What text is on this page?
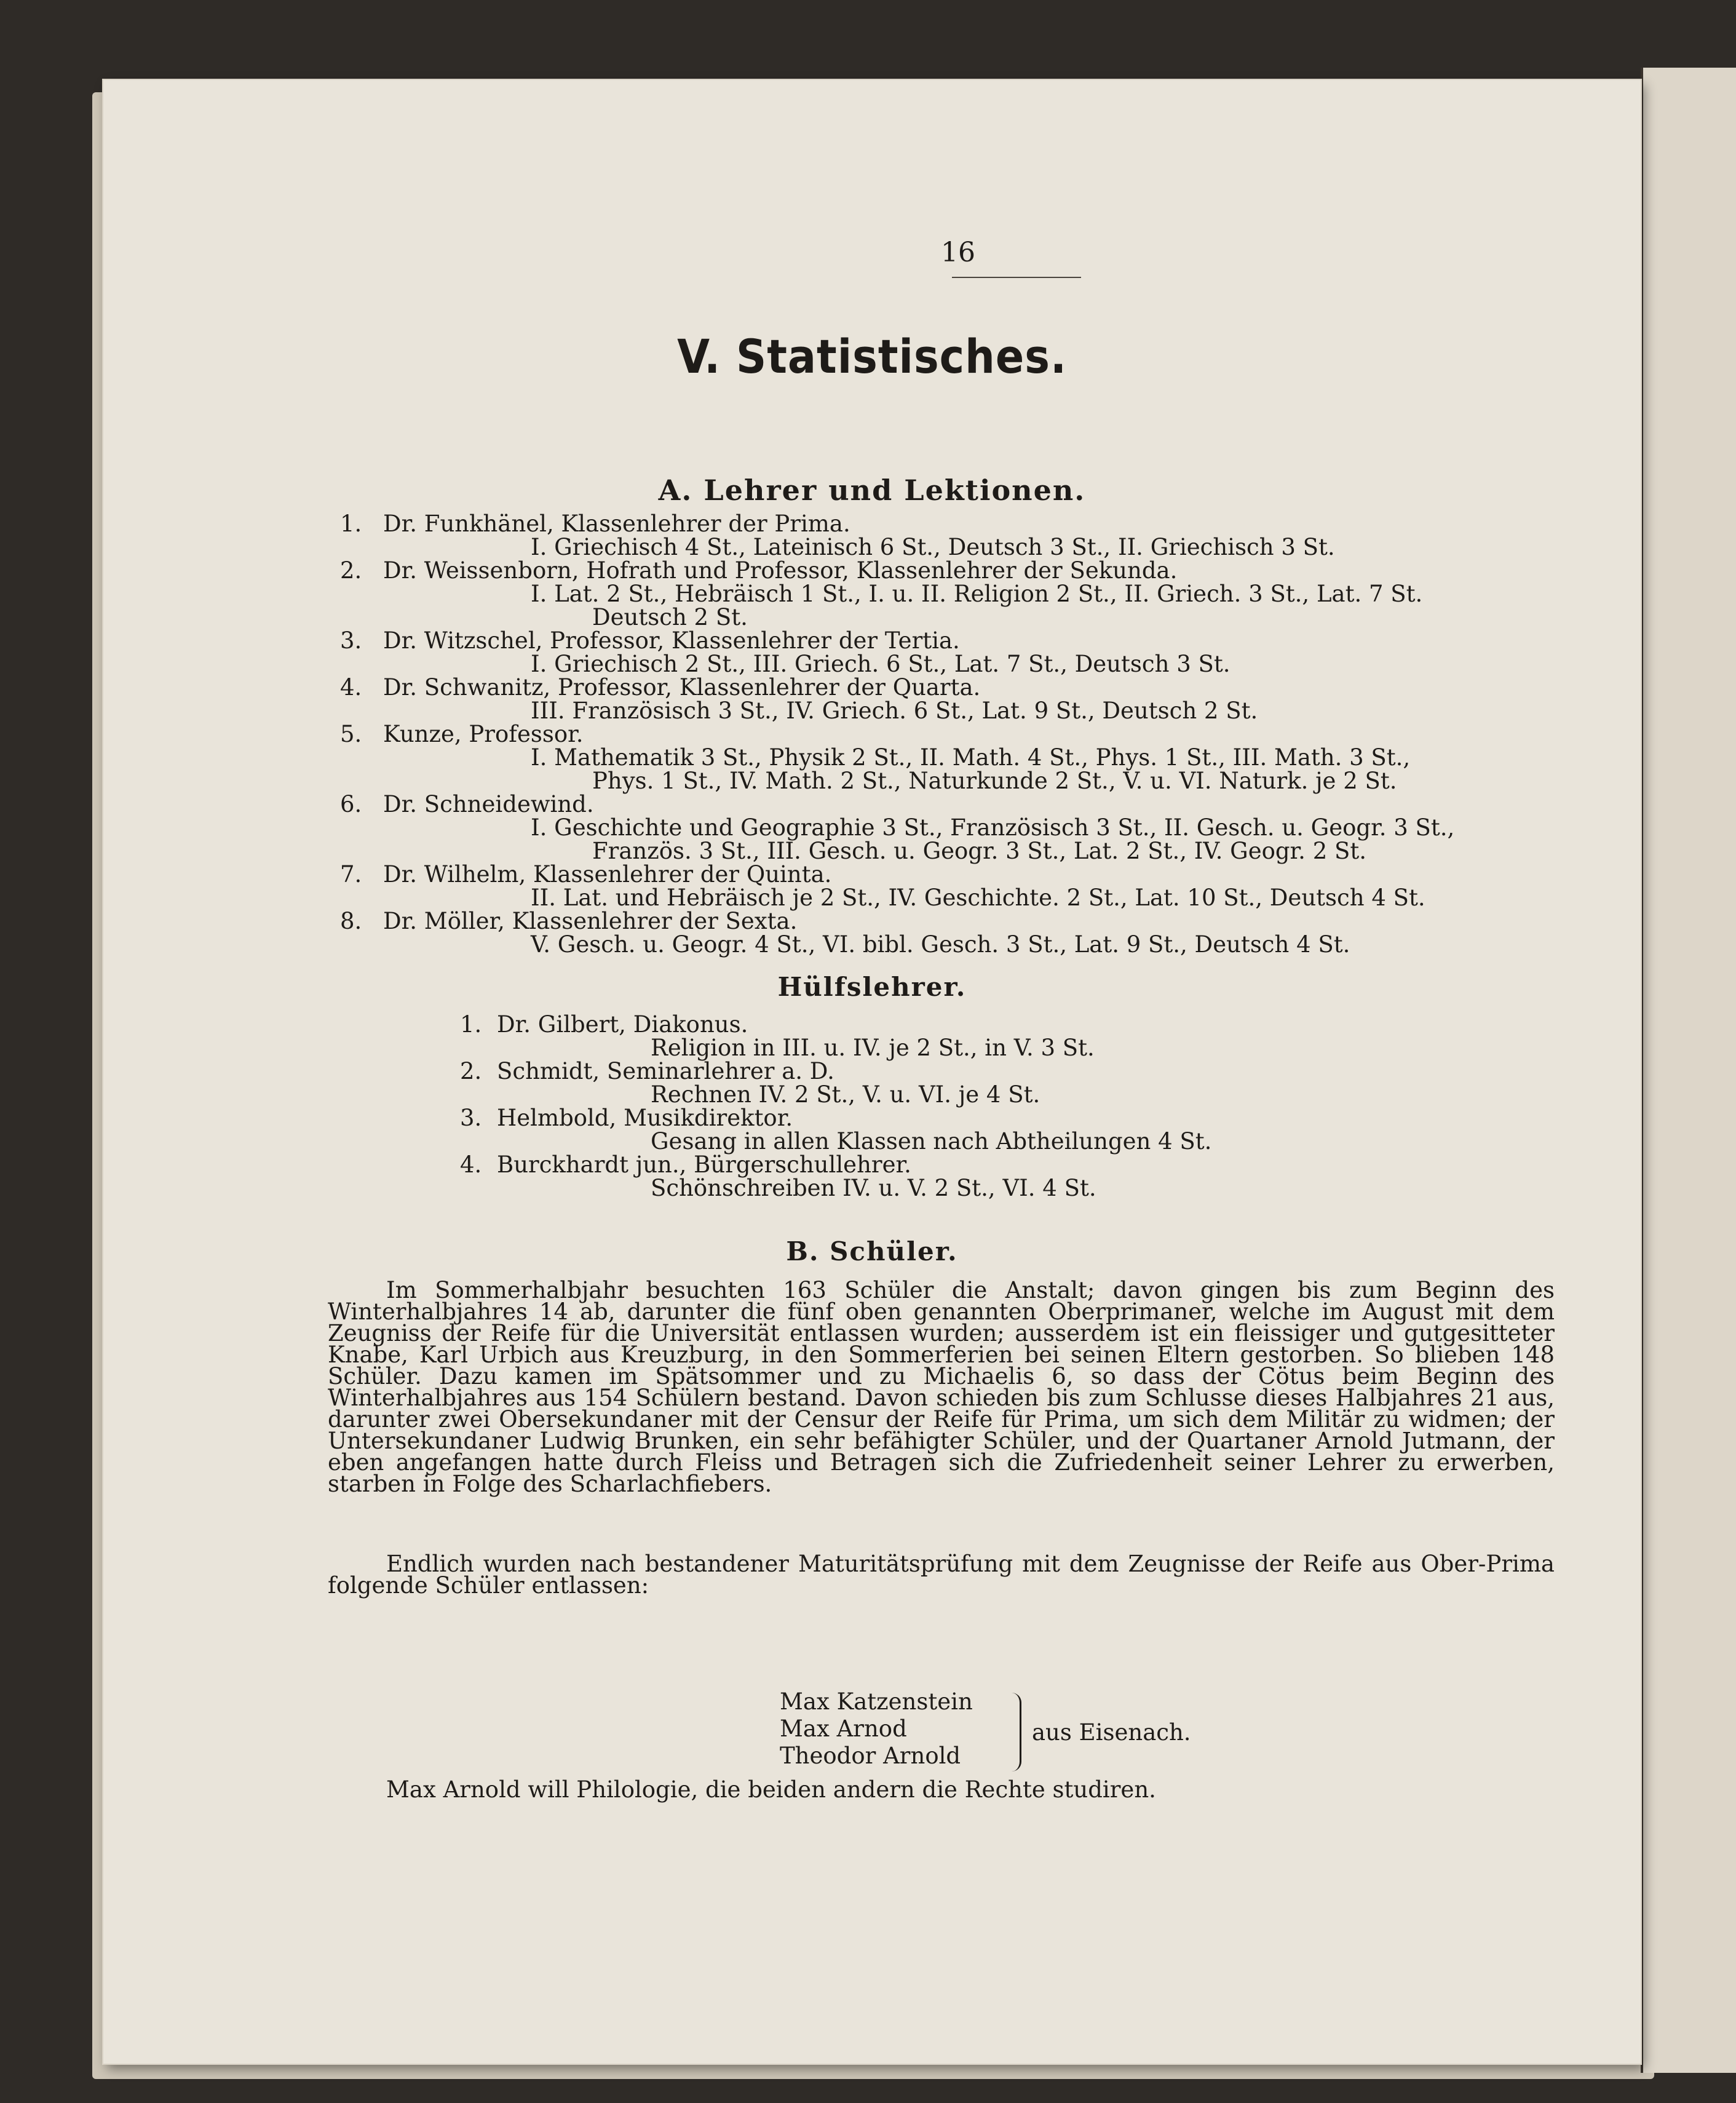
16
V. Statistisches.
A. Lehrer und Lektionen.
1. Dr. Funkhänel, Klassenlehrer der Prima.
I. Griechisch 4 St., Lateinisch 6 St., Deutsch 3 St., II. Griechisch 3 St.
2. Dr. Weissenborn, Hofrath und Professor, Klassenlehrer der Sekunda.
I. Lat. 2 St., Hebräisch 1 St., I. u. II. Religion 2 St., II. Griech. 3 St., Lat. 7 St.
Deutsch 2 St.
3. Dr. Witzschel, Professor, Klassenlehrer der Tertia.
I. Griechisch 2 St., III. Griech. 6 St., Lat. 7 St., Deutsch 3 St.
4. Dr. Schwanitz, Professor, Klassenlehrer der Quarta.
III. Französisch 3 St., IV. Griech. 6 St., Lat. 9 St., Deutsch 2 St.
5. Kunze, Professor.
I. Mathematik 3 St., Physik 2 St., II. Math. 4 St., Phys. 1 St., III. Math. 3 St.,
Phys. 1 St., IV. Math. 2 St., Naturkunde 2 St., V. u. VI. Naturk. je 2 St.
6. Dr. Schneidewind.
I. Geschichte und Geographie 3 St., Französisch 3 St., II. Gesch. u. Geogr. 3 St.,
Französ. 3 St., III. Gesch. u. Geogr. 3 St., Lat. 2 St., IV. Geogr. 2 St.
7. Dr. Wilhelm, Klassenlehrer der Quinta.
II. Lat. und Hebräisch je 2 St., IV. Geschichte. 2 St., Lat. 10 St., Deutsch 4 St.
8. Dr. Möller, Klassenlehrer der Sexta.
V. Gesch. u. Geogr. 4 St., VI. bibl. Gesch. 3 St., Lat. 9 St., Deutsch 4 St.
Hülfslehrer.
1. Dr. Gilbert, Diakonus.
Religion in III. u. IV. je 2 St., in V. 3 St.
2. Schmidt, Seminarlehrer a. D.
Rechnen IV. 2 St., V. u. VI. je 4 St.
3. Helmbold, Musikdirektor.
Gesang in allen Klassen nach Abtheilungen 4 St.
4. Burckhardt jun., Bürgerschullehrer.
Schönschreiben IV. u. V. 2 St., VI. 4 St.
B. Schüler.
Im Sommerhalbjahr besuchten 163 Schüler die Anstalt; davon gingen bis zum Beginn des Winterhalbjahres 14 ab, darunter die fünf oben genannten Oberprimaner, welche im August mit dem Zeugniss der Reife für die Universität entlassen wurden; ausserdem ist ein fleissiger und gutgesitteter Knabe, Karl Urbich aus Kreuzburg, in den Sommerferien bei seinen Eltern gestorben. So blieben 148 Schüler. Dazu kamen im Spätsommer und zu Michaelis 6, so dass der Cötus beim Beginn des Winterhalbjahres aus 154 Schülern bestand. Davon schieden bis zum Schlusse dieses Halbjahres 21 aus, darunter zwei Obersekundaner mit der Censur der Reife für Prima, um sich dem Militär zu widmen; der Untersekundaner Ludwig Brunken, ein sehr befähigter Schüler, und der Quartaner Arnold Jutmann, der eben angefangen hatte durch Fleiss und Betragen sich die Zufriedenheit seiner Lehrer zu erwerben, starben in Folge des Scharlachfiebers.
Endlich wurden nach bestandener Maturitätsprüfung mit dem Zeugnisse der Reife aus Ober-Prima folgende Schüler entlassen:
Max Katzenstein
Max Arnod
Theodor Arnold
aus Eisenach.
Max Arnold will Philologie, die beiden andern die Rechte studiren.
